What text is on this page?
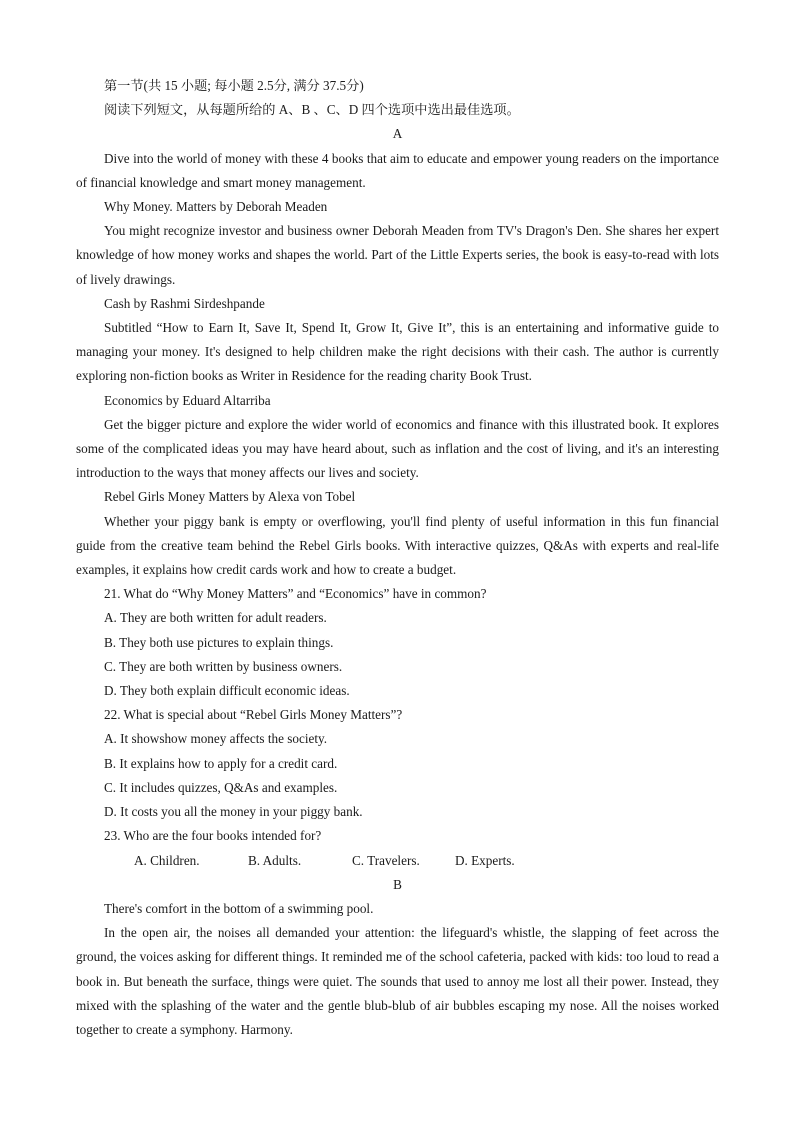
第一节(共 15 小题; 每小题 2.5分, 满分 37.5分)

阅读下列短文，从每题所给的 A、B 、C、D 四个选项中选出最佳选项。

A

Dive into the world of money with these 4 books that aim to educate and empower young readers on the importance of financial knowledge and smart money management.

Why Money. Matters by Deborah Meaden

You might recognize investor and business owner Deborah Meaden from TV's Dragon's Den. She shares her expert knowledge of how money works and shapes the world. Part of the Little Experts series, the book is easy-to-read with lots of lively drawings.

Cash by Rashmi Sirdeshpande

Subtitled “How to Earn It, Save It, Spend It, Grow It, Give It”, this is an entertaining and informative guide to managing your money. It's designed to help children make the right decisions with their cash. The author is currently exploring non-fiction books as Writer in Residence for the reading charity Book Trust.

Economics by Eduard Altarriba

Get the bigger picture and explore the wider world of economics and finance with this illustrated book. It explores some of the complicated ideas you may have heard about, such as inflation and the cost of living, and it's an interesting introduction to the ways that money affects our lives and society.

Rebel Girls Money Matters by Alexa von Tobel

Whether your piggy bank is empty or overflowing, you'll find plenty of useful information in this fun financial guide from the creative team behind the Rebel Girls books. With interactive quizzes, Q&As with experts and real-life examples, it explains how credit cards work and how to create a budget.

21. What do “Why Money Matters” and “Economics” have in common?

A. They are both written for adult readers.

B. They both use pictures to explain things.

C. They are both written by business owners.

D. They both explain difficult economic ideas.

22. What is special about “Rebel Girls Money Matters”?

A. It showshow money affects the society.

B. It explains how to apply for a credit card.

C. It includes quizzes, Q&As and examples.

D. It costs you all the money in your piggy bank.

23. Who are the four books intended for?

A. Children.	B. Adults.	C. Travelers.	D. Experts.

B

There's comfort in the bottom of a swimming pool.

In the open air, the noises all demanded your attention: the lifeguard's whistle, the slapping of feet across the ground, the voices asking for different things. It reminded me of the school cafeteria, packed with kids: too loud to read a book in. But beneath the surface, things were quiet. The sounds that used to annoy me lost all their power. Instead, they mixed with the splashing of the water and the gentle blub-blub of air bubbles escaping my nose. All the noises worked together to create a symphony. Harmony.
